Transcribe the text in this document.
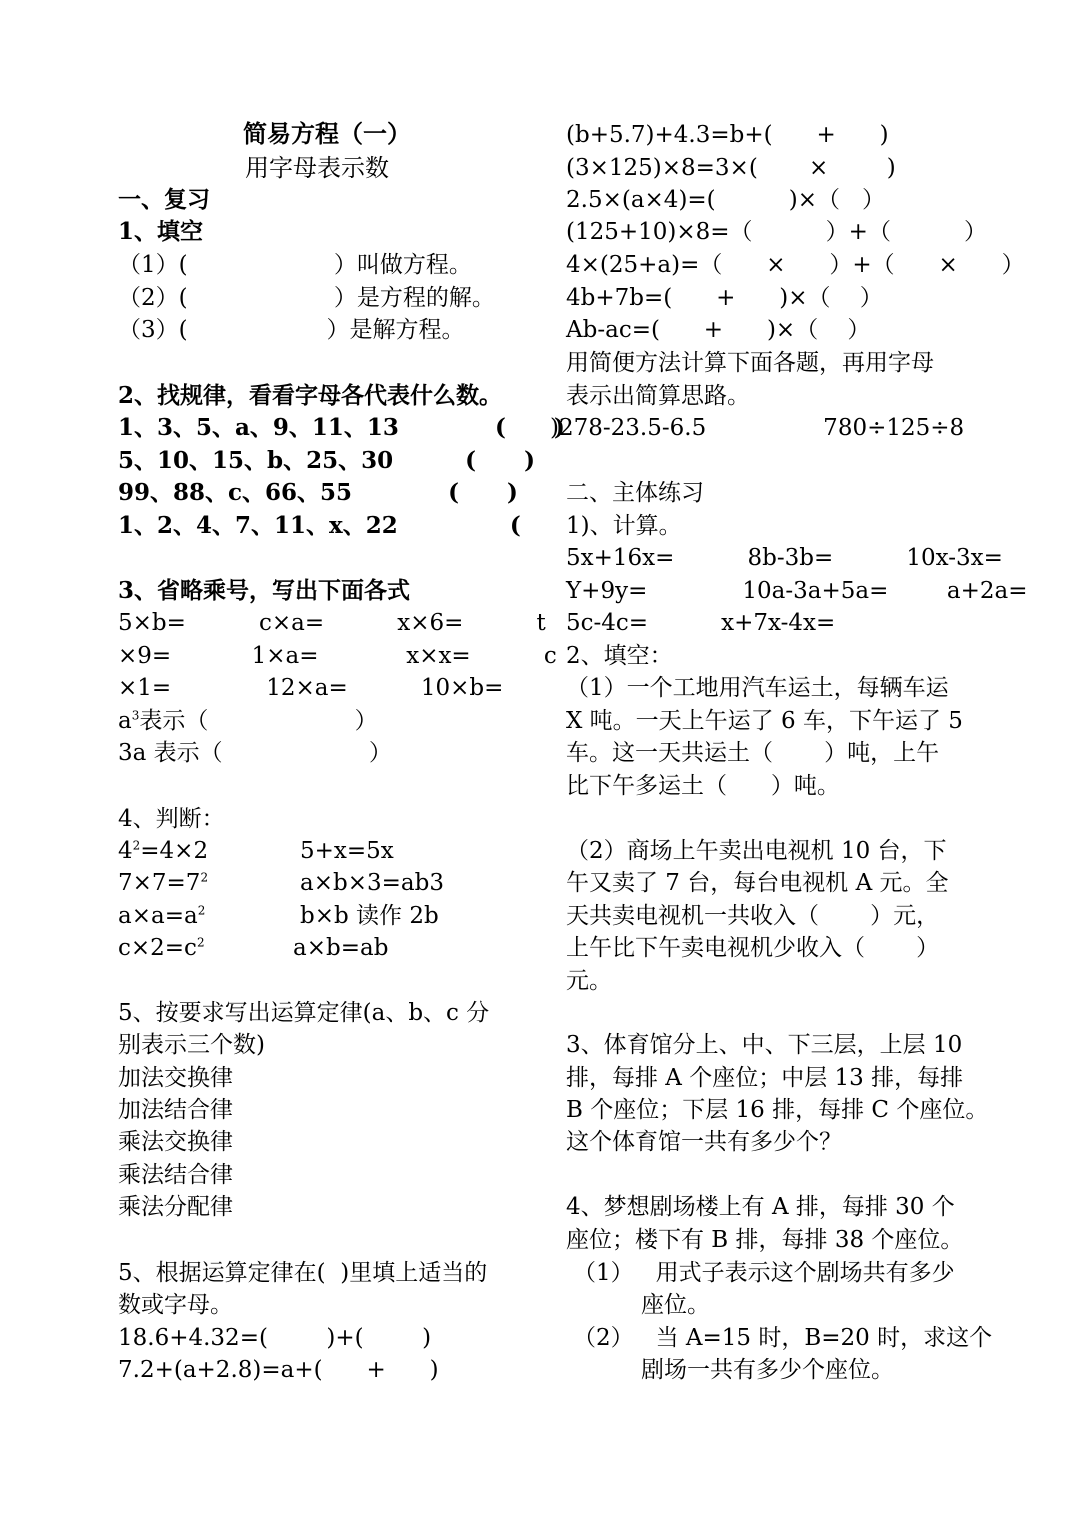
简易方程（一）
用字母表示数
一、复习
1、填空
（1）(                    ）叫做方程。
（2）(                    ）是方程的解。
（3）(                   ）是解方程。
2、找规律，看看字母各代表什么数。
1、3、5、a、9、11、13            (      )
5、10、15、b、25、30         (      )
99、88、c、66、55            (      )
1、2、4、7、11、x、22              (
3、省略乘号，写出下面各式
5×b=          c×a=          x×6=          t
×9=           1×a=            x×x=          c
×1=             12×a=          10×b=
$a^3$表示（                    ）
3a 表示（                    ）
4、判断：
$4^2=4\times 2$	5+x=5x
$7\times 7=7^2$	a×b×3=ab3
$a\times a=a^2$	b×b 读作 2b
$c\times 2=c^2$	a×b=ab
5、按要求写出运算定律(a、b、c 分
别表示三个数)
加法交换律
加法结合律
乘法交换律
乘法结合律
乘法分配律
5、根据运算定律在(  )里填上适当的
数或字母。
18.6+4.32=(        )+(        )
7.2+(a+2.8)=a+(      +      )
(b+5.7)+4.3=b+(      +      )
(3×125)×8=3×(       ×        )
2.5×(a×4)=(          )×（   ）
(125+10)×8=（          ）+（          ）
4×(25+a)=（      ×      ）+（      ×      ）
4b+7b=(      +      )×（    ）
Ab-ac=(      +      )×（    ）
用简便方法计算下面各题，再用字母
表示出简算思路。
)278-23.5-6.5                780÷125÷8
二、主体练习
1)、计算。
5x+16x=          8b-3b=          10x-3x=
Y+9y=             10a-3a+5a=        a+2a=
5c-4c=          x+7x-4x=
2、填空：
（1）一个工地用汽车运土，每辆车运
X 吨。一天上午运了 6 车，下午运了 5
车。这一天共运土（       ）吨，上午
比下午多运土（      ）吨。
（2）商场上午卖出电视机 10 台，下
午又卖了 7 台，每台电视机 A 元。全
天共卖电视机一共收入（       ）元，
上午比下午卖电视机少收入（       ）
元。
3、体育馆分上、中、下三层，上层 10
排，每排 A 个座位；中层 13 排，每排
B 个座位；下层 16 排，每排 C 个座位。
这个体育馆一共有多少个？
4、梦想剧场楼上有 A 排，每排 30 个
座位；楼下有 B 排，每排 38 个座位。
（1）   用式子表示这个剧场共有多少
座位。
（2）   当 A=15 时，B=20 时，求这个
剧场一共有多少个座位。
